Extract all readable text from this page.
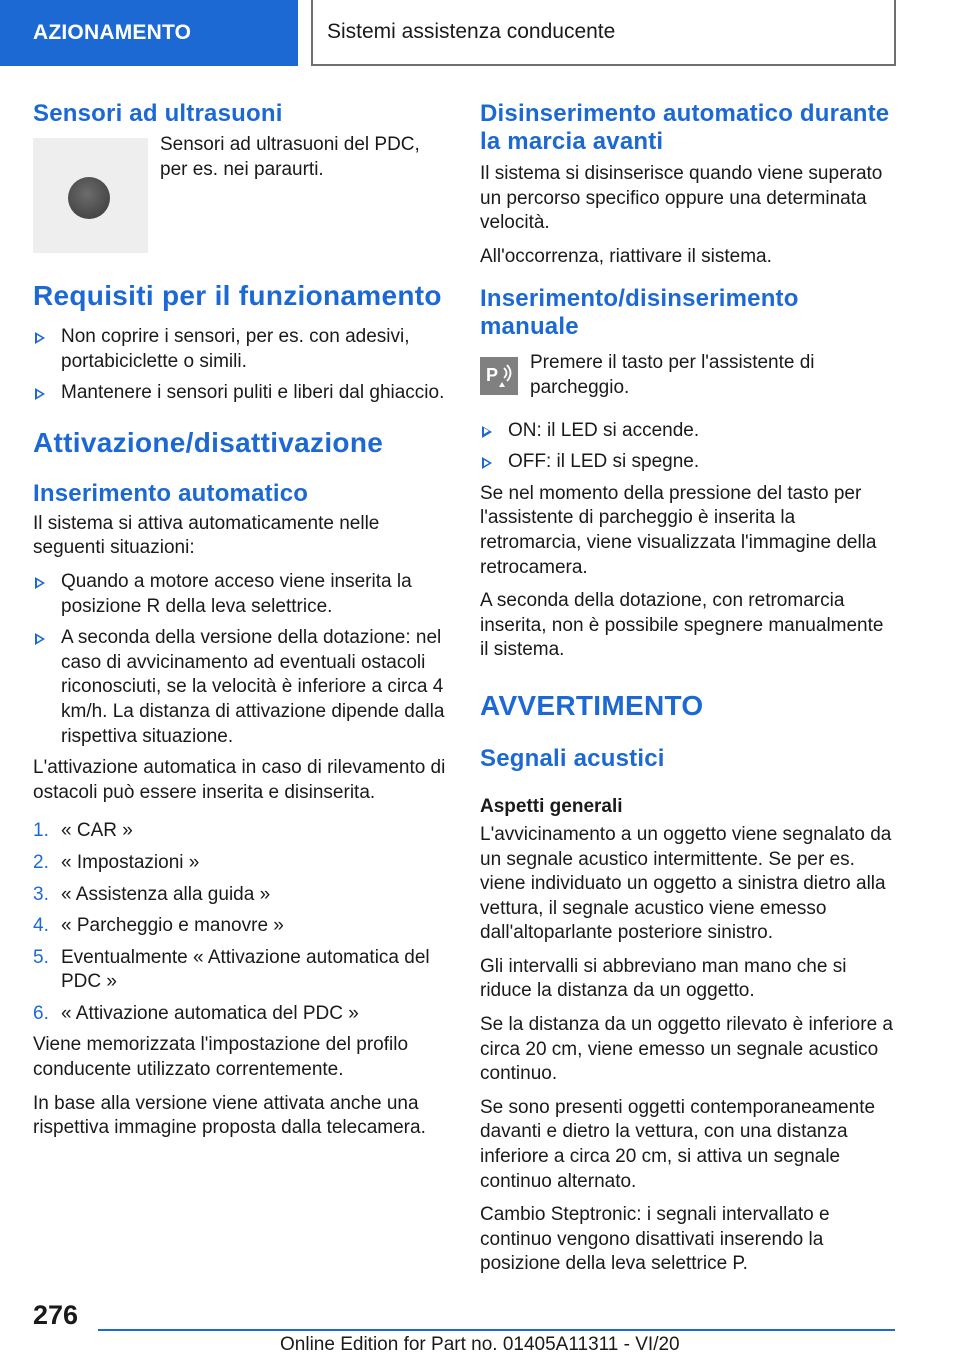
AZIONAMENTO	Sistemi assistenza conducente
Sensori ad ultrasuoni
Sensori ad ultrasuoni del PDC, per es. nei paraurti.
Requisiti per il funzionamento
Non coprire i sensori, per es. con adesivi, portabiciclette o simili.
Mantenere i sensori puliti e liberi dal ghiaccio.
Attivazione/disattivazione
Inserimento automatico

Il sistema si attiva automaticamente nelle seguenti situazioni:

Quando a motore acceso viene inserita la posizione R della leva selettrice.
A seconda della versione della dotazione: nel caso di avvicinamento ad eventuali ostacoli riconosciuti, se la velocità è inferiore a circa 4 km/h. La distanza di attivazione dipende dalla rispettiva situazione.

L'attivazione automatica in caso di rilevamento di ostacoli può essere inserita e disinserita.

1. « CAR »
2. « Impostazioni »
3. « Assistenza alla guida »
4. « Parcheggio e manovre »
5. Eventualmente « Attivazione automatica del PDC »
6. « Attivazione automatica del PDC »

Viene memorizzata l'impostazione del profilo conducente utilizzato correntemente.

In base alla versione viene attivata anche una rispettiva immagine proposta dalla telecamera.

Disinserimento automatico durante la marcia avanti

Il sistema si disinserisce quando viene superato un percorso specifico oppure una determinata velocità.

All'occorrenza, riattivare il sistema.

Inserimento/disinserimento manuale
P
Premere il tasto per l'assistente di parcheggio.
ON: il LED si accende.
OFF: il LED si spegne.

Se nel momento della pressione del tasto per l'assistente di parcheggio è inserita la retromarcia, viene visualizzata l'immagine della retrocamera.

A seconda della dotazione, con retromarcia inserita, non è possibile spegnere manualmente il sistema.

AVVERTIMENTO
Segnali acustici
Aspetti generali

L'avvicinamento a un oggetto viene segnalato da un segnale acustico intermittente. Se per es. viene individuato un oggetto a sinistra dietro alla vettura, il segnale acustico viene emesso dall'altoparlante posteriore sinistro.

Gli intervalli si abbreviano man mano che si riduce la distanza da un oggetto.

Se la distanza da un oggetto rilevato è inferiore a circa 20 cm, viene emesso un segnale acustico continuo.

Se sono presenti oggetti contemporaneamente davanti e dietro la vettura, con una distanza inferiore a circa 20 cm, si attiva un segnale continuo alternato.

Cambio Steptronic: i segnali intervallato e continuo vengono disattivati inserendo la posizione della leva selettrice P.

276
Online Edition for Part no. 01405A11311 - VI/20
